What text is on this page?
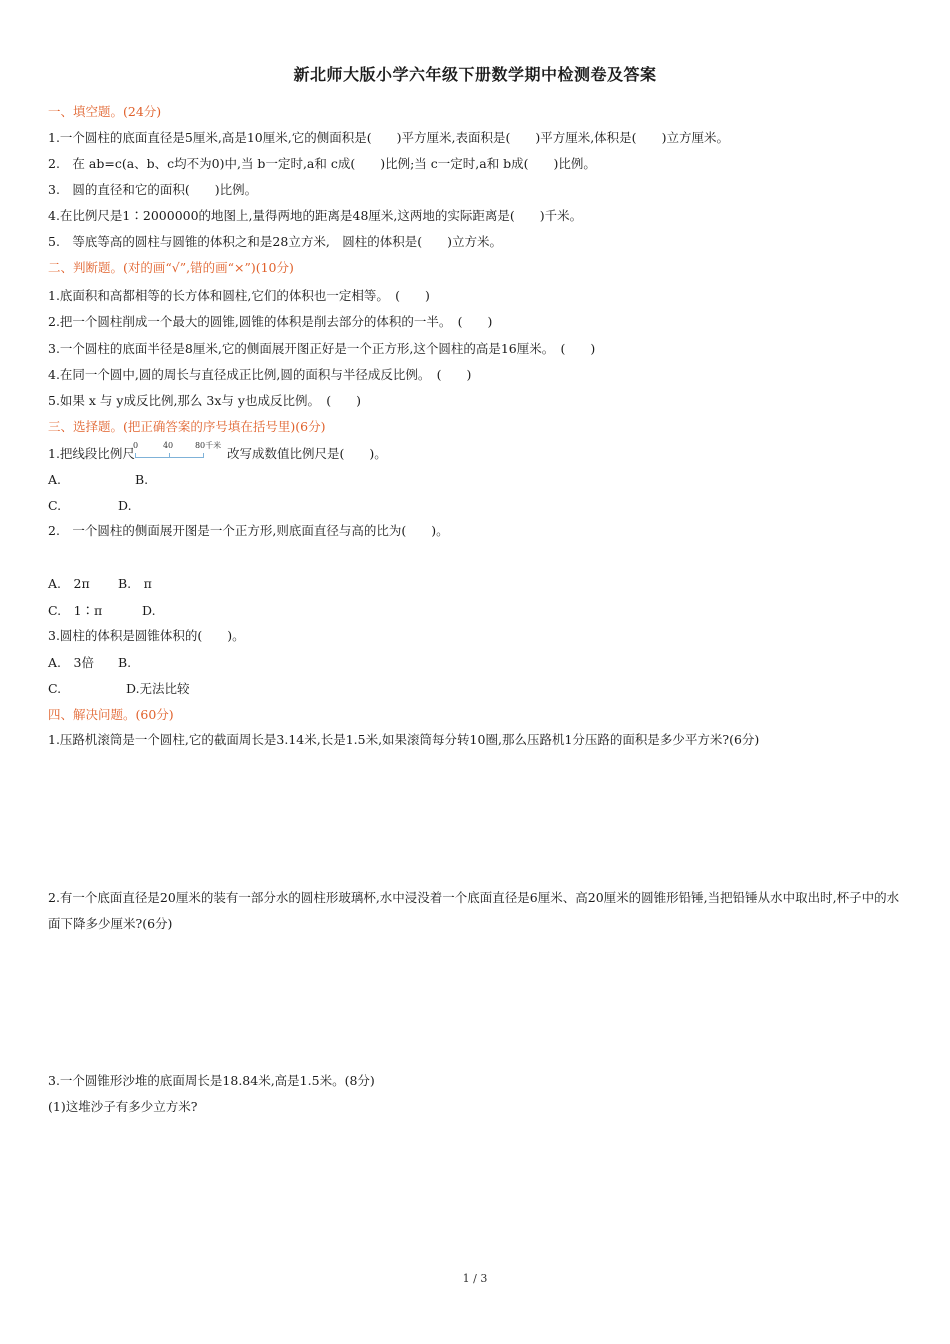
新北师大版小学六年级下册数学期中检测卷及答案
一、填空题。(24分)
1.一个圆柱的底面直径是5厘米,高是10厘米,它的侧面积是(　　)平方厘米,表面积是(　　)平方厘米,体积是(　　)立方厘米。
2.　在 ab=c(a、b、c均不为0)中,当 b一定时,a和 c成(　　)比例;当 c一定时,a和 b成(　　)比例。
3.　圆的直径和它的面积(　　)比例。
4.在比例尺是1∶2000000的地图上,量得两地的距离是48厘米,这两地的实际距离是(　　)千米。
5.　等底等高的圆柱与圆锥的体积之和是28立方米,　圆柱的体积是(　　)立方米。
二、判断题。(对的画“√”,错的画“×”)(10分)
1.底面积和高都相等的长方体和圆柱,它们的体积也一定相等。　(　　)
2.把一个圆柱削成一个最大的圆锥,圆锥的体积是削去部分的体积的一半。　(　　)
3.一个圆柱的底面半径是8厘米,它的侧面展开图正好是一个正方形,这个圆柱的高是16厘米。　(　　)
4.在同一个圆中,圆的周长与直径成正比例,圆的面积与半径成反比例。　(　　)
5.如果 x 与 y成反比例,那么 3x与 y也成反比例。　(　　)
三、选择题。(把正确答案的序号填在括号里)(6分)
1.把线段比例尺
0	40	80千米
改写成数值比例尺是(　　)。
A.	B.
C.	D.
2.　一个圆柱的侧面展开图是一个正方形,则底面直径与高的比为(　　)。
A.　2π B.　π
C.　1∶π	D.
3.圆柱的体积是圆锥体积的(　　)。
A.　3倍 B.
C.	D.无法比较
四、解决问题。(60分)
1.压路机滚筒是一个圆柱,它的截面周长是3.14米,长是1.5米,如果滚筒每分转10圈,那么压路机1分压路的面积是多少平方米?(6分)
2.有一个底面直径是20厘米的装有一部分水的圆柱形玻璃杯,水中浸没着一个底面直径是6厘米、高20厘米的圆锥形铅锤,当把铅锤从水中取出时,杯子中的水面下降多少厘米?(6分)
3.一个圆锥形沙堆的底面周长是18.84米,高是1.5米。(8分)
(1)这堆沙子有多少立方米?
1 / 3
